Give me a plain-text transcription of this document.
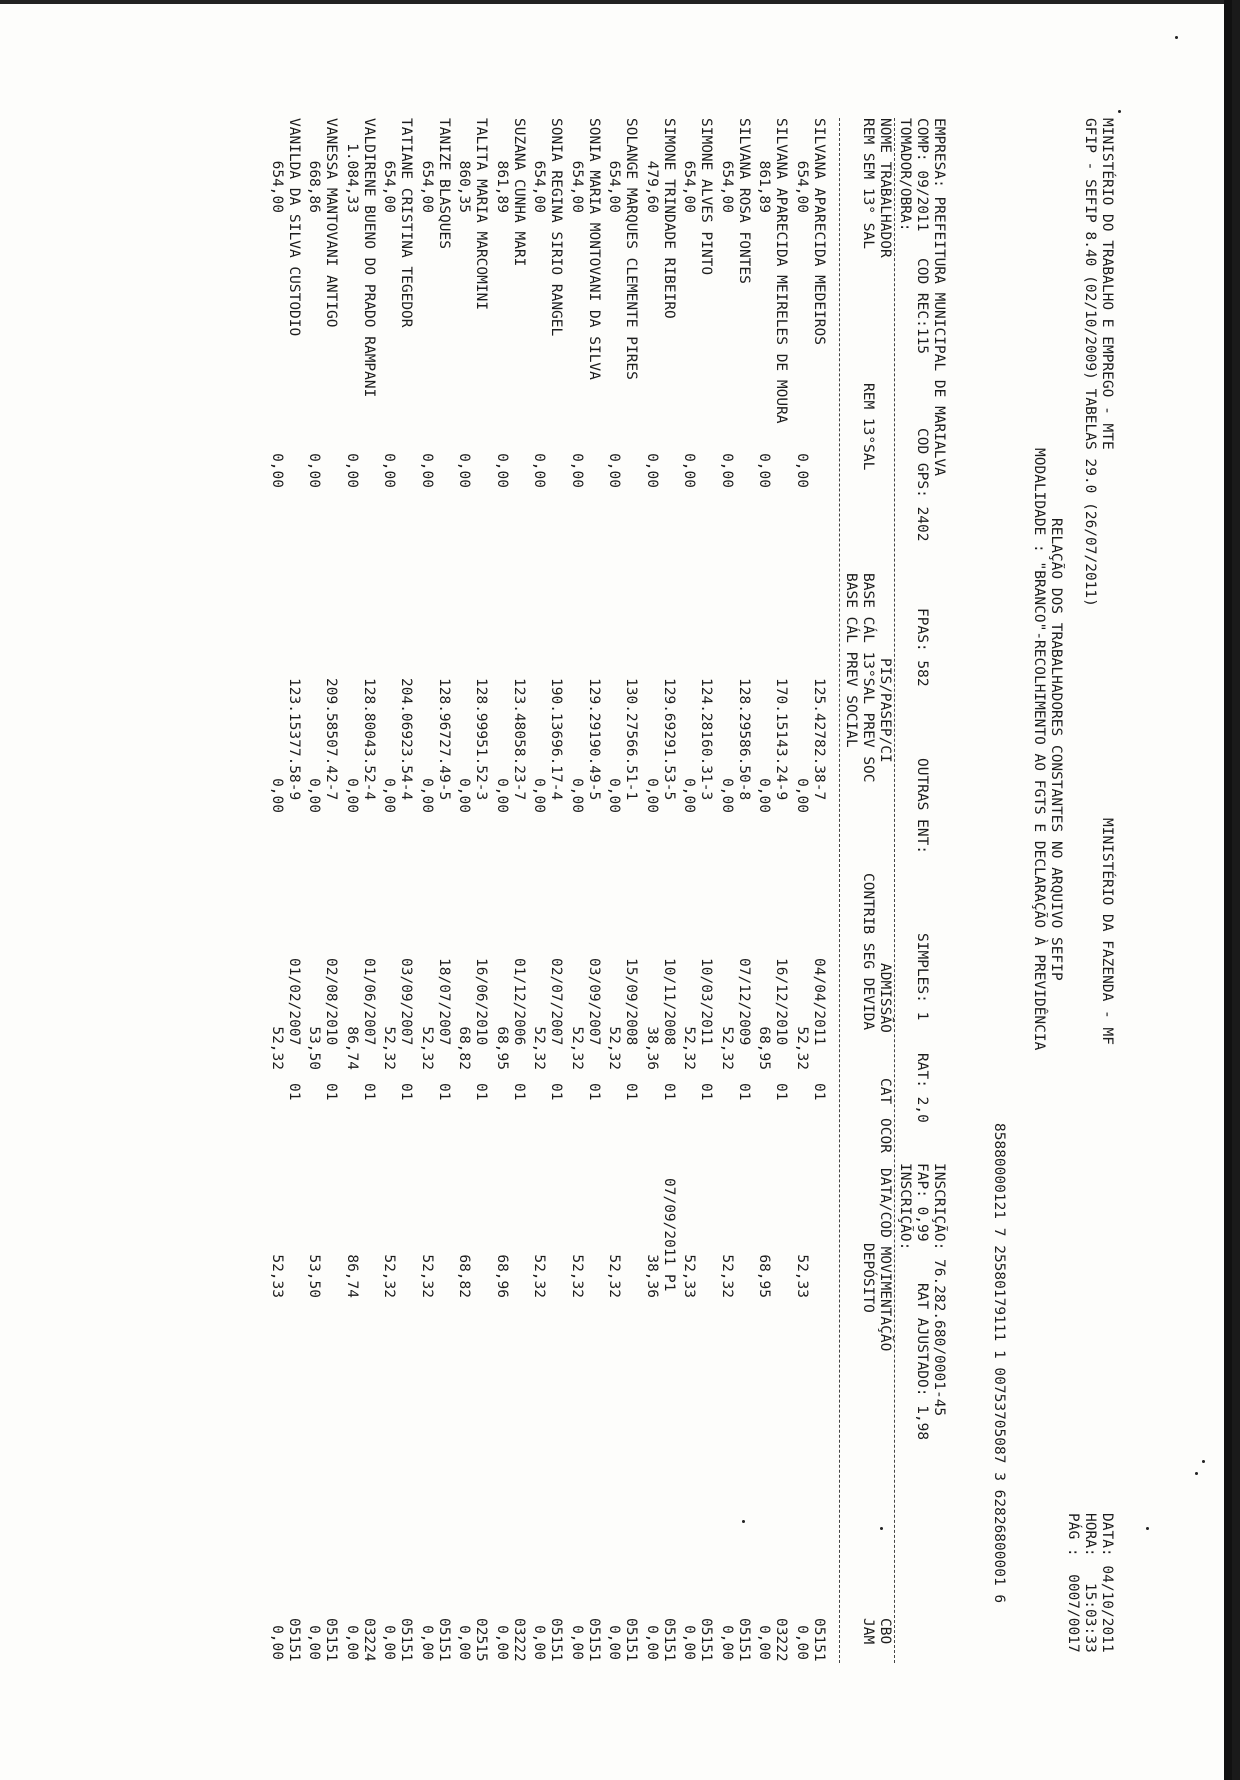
MINISTÉRIO DO TRABALHO E EMPREGO - MTE

MINISTÉRIO DA FAZENDA - MF

DATA: 04/10/2011

GFIP - SEFIP 8.40 (02/10/2009) TABELAS 29.0 (26/07/2011)

HORA:   15:03:33

PÁG :  0007/0017

RELAÇÃO DOS TRABALHADORES CONSTANTES NO ARQUIVO SEFIP

MODALIDADE : "BRANCO"-RECOLHIMENTO AO FGTS E DECLARAÇÃO À PREVIDÊNCIA

85880000121 7 25580179111 1 00753705087 3 62826800001 6

EMPRESA: PREFEITURA MUNICIPAL DE MARIALVA

INSCRIÇÃO: 76.282.680/0001-45

COMP: 09/2011

COD REC:115

COD GPS: 2402

FPAS: 582

OUTRAS ENT:

SIMPLES: 1

RAT: 2,0

FAP: 0,99

RAT AJUSTADO: 1,98

TOMADOR/OBRA:

INSCRIÇÃO:

NOME TRABALHADOR

PIS/PASEP/CI

ADMISSÃO

CAT

OCOR

DATA/COD MOVIMENTAÇÃO

CBO

REM SEM 13° SAL

REM 13°SAL

BASE CÁL 13°SAL PREV SOC

CONTRIB SEG DEVIDA

DEPÓSITO

JAM

BASE CÁL PREV SOCIAL

SILVANA APARECIDA MEDEIROS
125.42782.38-7
04/04/2011
01
05151
654,00
0,00
0,00
52,32
52,33
0,00
SILVANA APARECIDA MEIRELES DE MOURA
170.15143.24-9
16/12/2010
01
03222
861,89
0,00
0,00
68,95
68,95
0,00
SILVANA ROSA FONTES
128.29586.50-8
07/12/2009
01
05151
654,00
0,00
0,00
52,32
52,32
0,00
SIMONE ALVES PINTO
124.28160.31-3
10/03/2011
01
05151
654,00
0,00
0,00
52,32
52,33
0,00
SIMONE TRINDADE RIBEIRO
129.69291.53-5
10/11/2008
01
07/09/2011 P1
05151
479,60
0,00
0,00
38,36
38,36
0,00
SOLANGE MARQUES CLEMENTE PIRES
130.27566.51-1
15/09/2008
01
05151
654,00
0,00
0,00
52,32
52,32
0,00
SONIA MARIA MONTOVANI DA SILVA
129.29190.49-5
03/09/2007
01
05151
654,00
0,00
0,00
52,32
52,32
0,00
SONIA REGINA SIRIO RANGEL
190.13696.17-4
02/07/2007
01
05151
654,00
0,00
0,00
52,32
52,32
0,00
SUZANA CUNHA MARI
123.48058.23-7
01/12/2006
01
03222
861,89
0,00
0,00
68,95
68,96
0,00
TALITA MARIA MARCOMINI
128.99951.52-3
16/06/2010
01
02515
860,35
0,00
0,00
68,82
68,82
0,00
TANIZE BLASQUES
128.96727.49-5
18/07/2007
01
05151
654,00
0,00
0,00
52,32
52,32
0,00
TATIANE CRISTINA TEGEDOR
204.06923.54-4
03/09/2007
01
05151
654,00
0,00
0,00
52,32
52,32
0,00
VALDIRENE BUENO DO PRADO RAMPANI
128.80043.52-4
01/06/2007
01
03224
1.084,33
0,00
0,00
86,74
86,74
0,00
VANESSA MANTOVANI ANTIGO
209.58507.42-7
02/08/2010
01
05151
668,86
0,00
0,00
53,50
53,50
0,00
VANILDA DA SILVA CUSTODIO
123.15377.58-9
01/02/2007
01
05151
654,00
0,00
0,00
52,32
52,33
0,00
